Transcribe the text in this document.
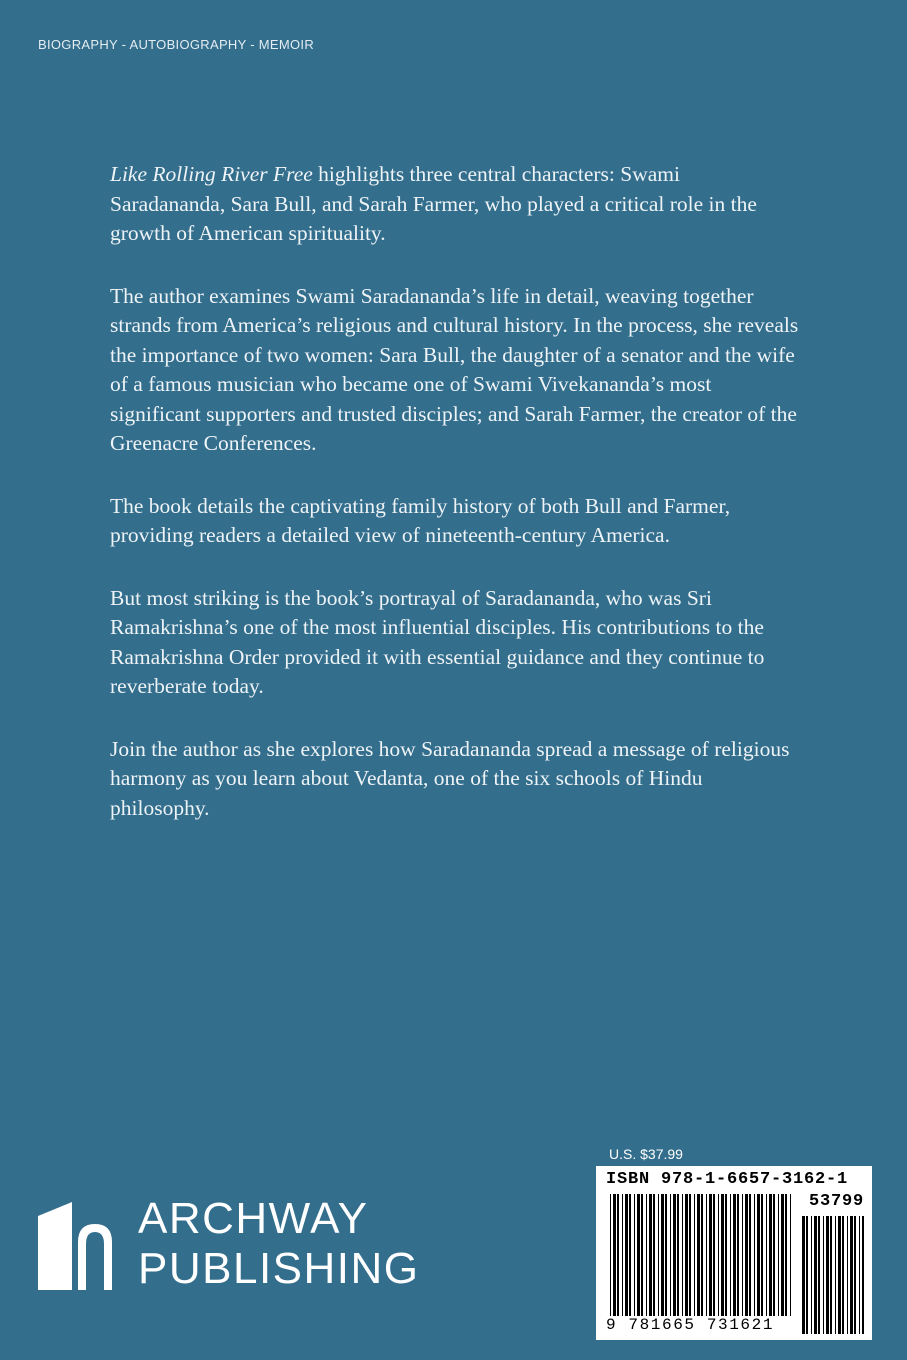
BIOGRAPHY - AUTOBIOGRAPHY - MEMOIR

Like Rolling River Free highlights three central characters: Swami Saradananda, Sara Bull, and Sarah Farmer, who played a critical role in the growth of American spirituality.

The author examines Swami Saradananda’s life in detail, weaving together strands from America’s religious and cultural history. In the process, she reveals the importance of two women: Sara Bull, the daughter of a senator and the wife of a famous musician who became one of Swami Vivekananda’s most significant supporters and trusted disciples; and Sarah Farmer, the creator of the Greenacre Conferences.

The book details the captivating family history of both Bull and Farmer, providing readers a detailed view of nineteenth-century America.

But most striking is the book’s portrayal of Saradananda, who was Sri Ramakrishna’s one of the most influential disciples. His contributions to the Ramakrishna Order provided it with essential guidance and they continue to reverberate today.

Join the author as she explores how Saradananda spread a message of religious harmony as you learn about Vedanta, one of the six schools of Hindu philosophy.

ARCHWAY
PUBLISHING
U.S. $37.99
ISBN 978-1-6657-3162-1
53799
9 781665 731621
